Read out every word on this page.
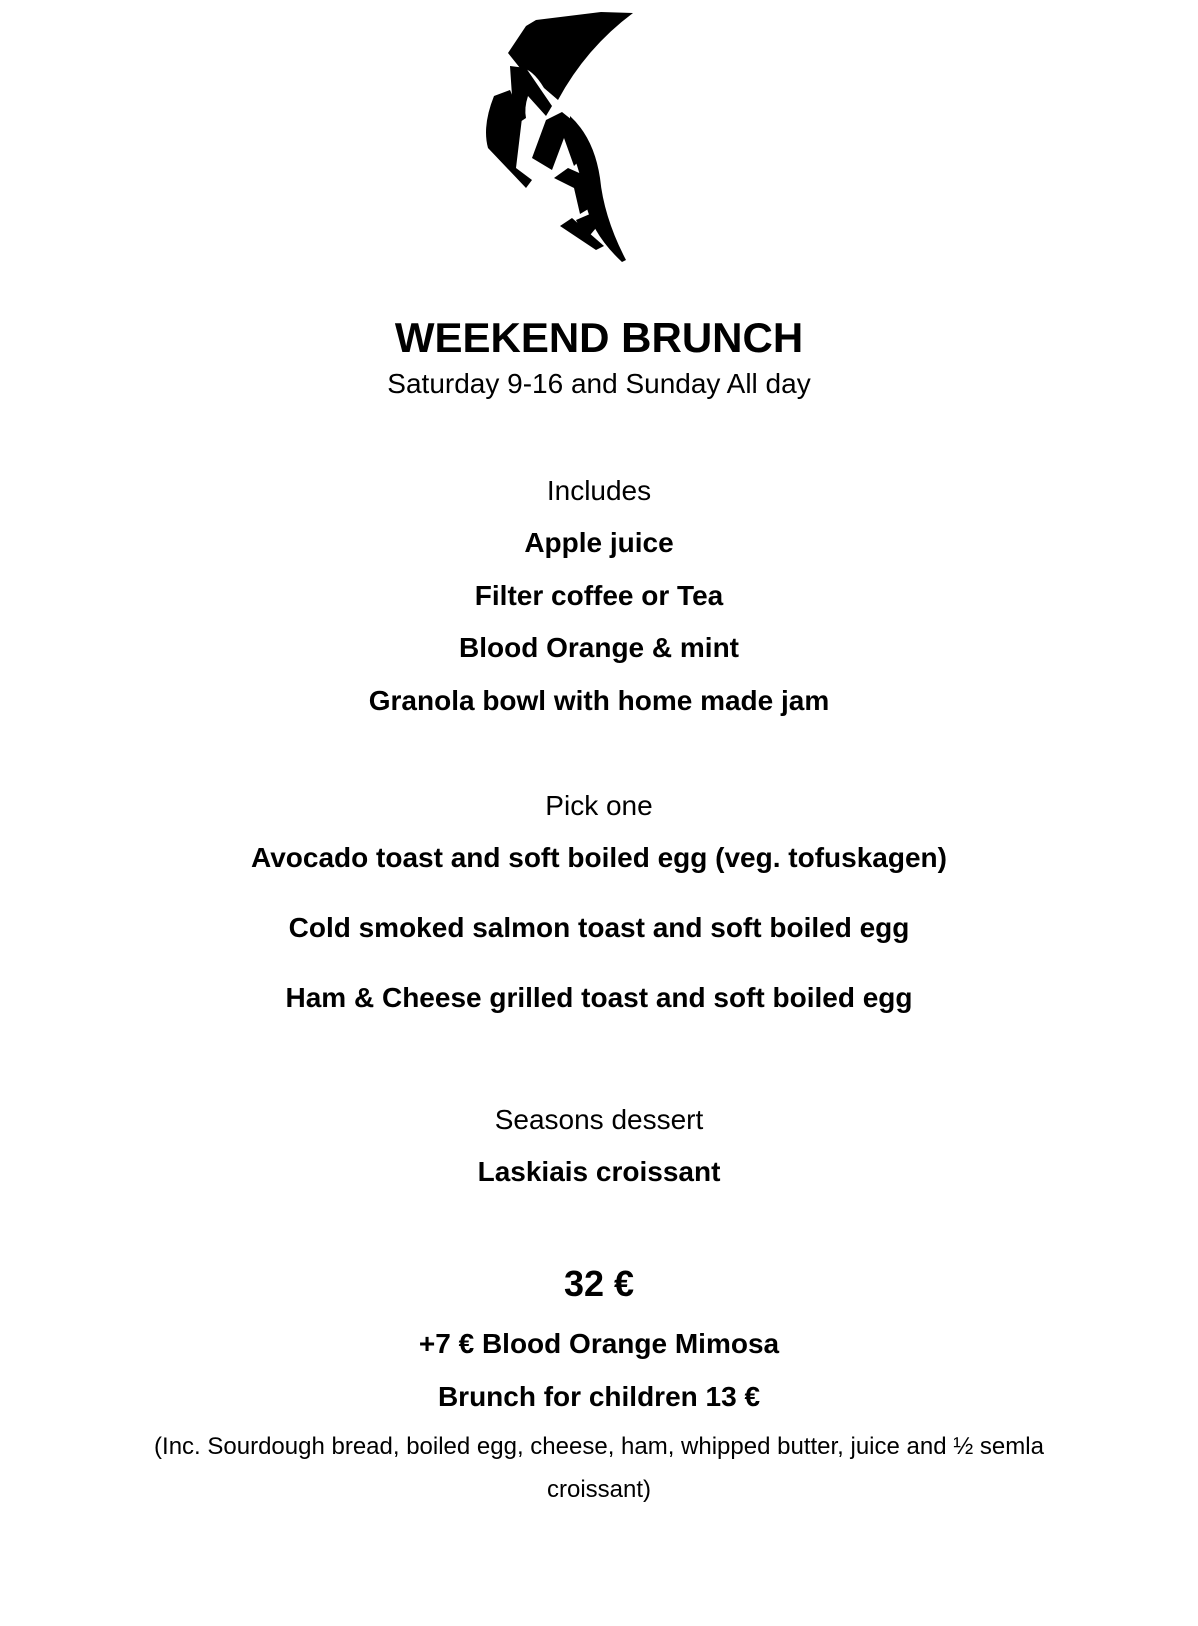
WEEKEND BRUNCH
Saturday 9-16 and Sunday All day
Includes
Apple juice
Filter coffee or Tea
Blood Orange & mint
Granola bowl with home made jam
Pick one
Avocado toast and soft boiled egg (veg. tofuskagen)
Cold smoked salmon toast and soft boiled egg
Ham & Cheese grilled toast and soft boiled egg
Seasons dessert
Laskiais croissant
32 €
+7 € Blood Orange Mimosa
Brunch for children 13 €
(Inc. Sourdough bread, boiled egg, cheese, ham, whipped butter, juice and ½ semla
croissant)
